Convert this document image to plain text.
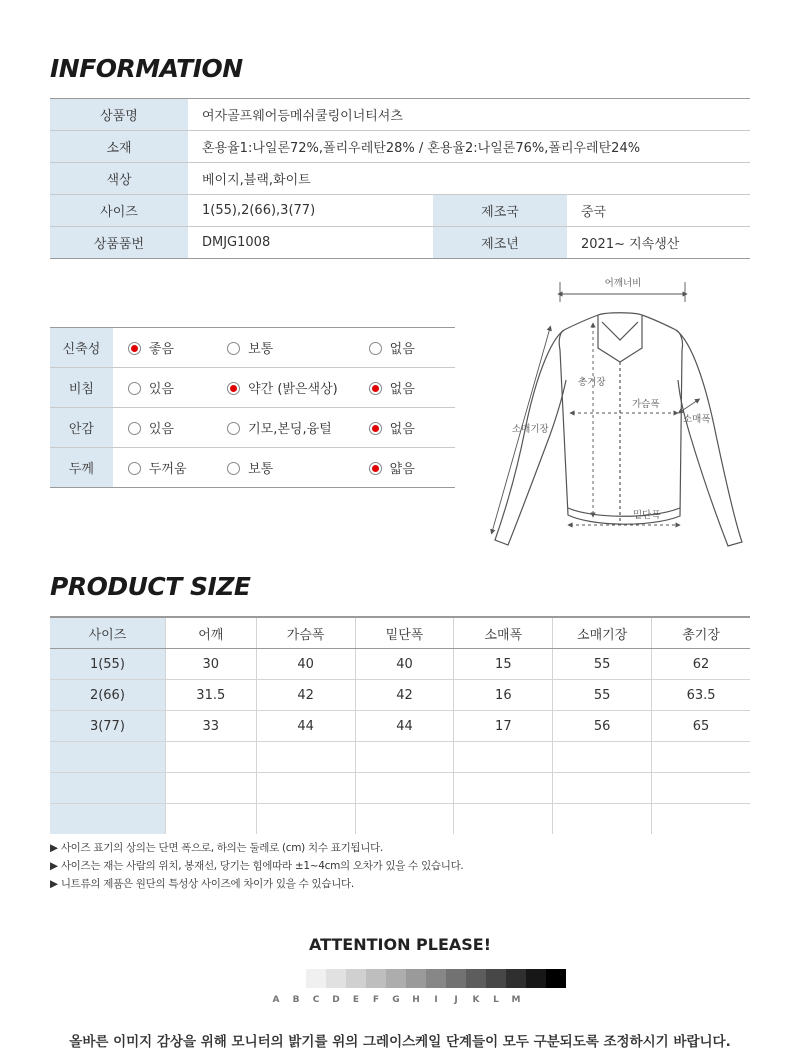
INFORMATION
상품명	여자골프웨어등메쉬쿨링이너티셔츠		
소재	혼용율1:나일론72%,폴리우레탄28% / 혼용율2:나일론76%,폴리우레탄24%		
색상	베이지,블랙,화이트		
사이즈	1(55),2(66),3(77)	제조국	중국
상품품번	DMJG1008	제조년	2021~ 지속생산
신축성	좋음	보통	없음
비침	있음	약간 (밝은색상)	없음
안감	있음	기모,본딩,융털	없음
두께	두꺼움	보통	얇음
어깨너비
총기장
가슴폭
소매폭
소매기장
밑단폭
PRODUCT SIZE
사이즈	어깨	가슴폭	밑단폭	소매폭	소매기장	총기장
1(55)	30	40	40	15	55	62
2(66)	31.5	42	42	16	55	63.5
3(77)	33	44	44	17	56	65

▶ 사이즈 표기의 상의는 단면 폭으로, 하의는 둘레로 (cm) 치수 표기됩니다.
▶ 사이즈는 재는 사람의 위치, 봉재선, 당기는 힘에따라 ±1~4cm의 오차가 있을 수 있습니다.
▶ 니트류의 제품은 원단의 특성상 사이즈에 차이가 있을 수 있습니다.
ATTENTION PLEASE!
A	B	C	D	E	F	G	H	I	J	K	L	M
올바른 이미지 감상을 위해 모니터의 밝기를 위의 그레이스케일 단계들이 모두 구분되도록 조정하시기 바랍니다.
